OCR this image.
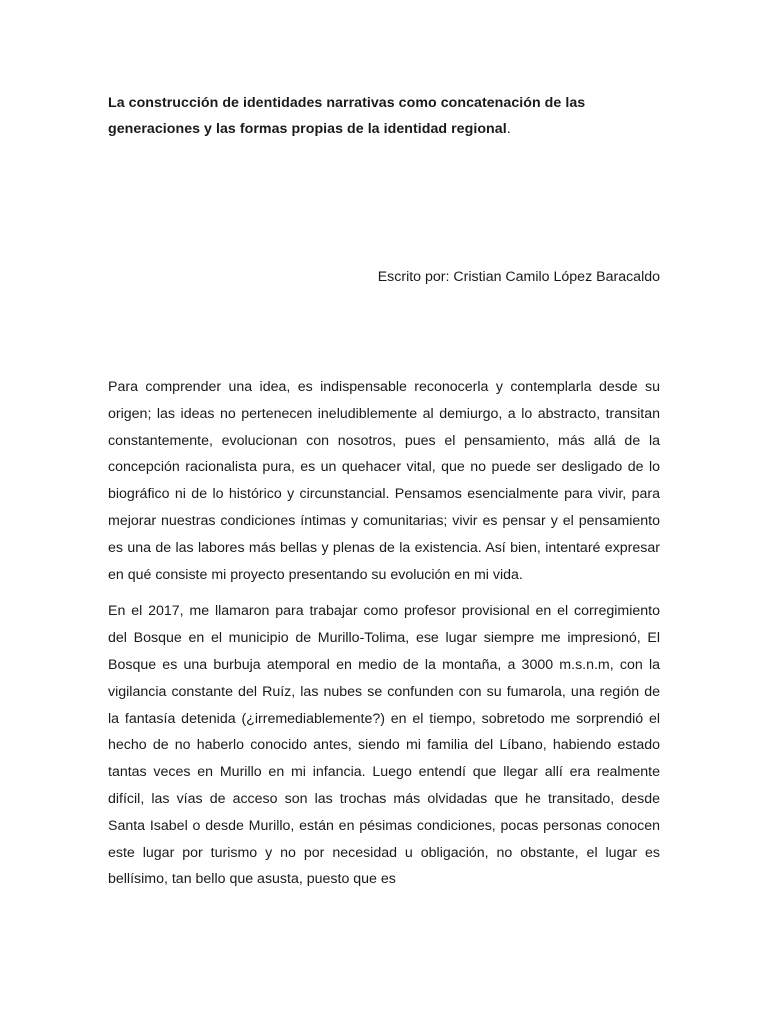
La construcción de identidades narrativas como concatenación de las generaciones y las formas propias de la identidad regional.
Escrito por: Cristian Camilo López Baracaldo

Para comprender una idea, es indispensable reconocerla y contemplarla desde su origen; las ideas no pertenecen ineludiblemente al demiurgo, a lo abstracto, transitan constantemente, evolucionan con nosotros, pues el pensamiento, más allá de la concepción racionalista pura, es un quehacer vital, que no puede ser desligado de lo biográfico ni de lo histórico y circunstancial. Pensamos esencialmente para vivir, para mejorar nuestras condiciones íntimas y comunitarias; vivir es pensar y el pensamiento es una de las labores más bellas y plenas de la existencia. Así bien, intentaré expresar en qué consiste mi proyecto presentando su evolución en mi vida.

En el 2017, me llamaron para trabajar como profesor provisional en el corregimiento del Bosque en el municipio de Murillo-Tolima, ese lugar siempre me impresionó, El Bosque es una burbuja atemporal en medio de la montaña, a 3000 m.s.n.m, con la vigilancia constante del Ruíz, las nubes se confunden con su fumarola, una región de la fantasía detenida (¿irremediablemente?) en el tiempo, sobretodo me sorprendió el hecho de no haberlo conocido antes, siendo mi familia del Líbano, habiendo estado tantas veces en Murillo en mi infancia. Luego entendí que llegar allí era realmente difícil, las vías de acceso son las trochas más olvidadas que he transitado, desde Santa Isabel o desde Murillo, están en pésimas condiciones, pocas personas conocen este lugar por turismo y no por necesidad u obligación, no obstante, el lugar es bellísimo, tan bello que asusta, puesto que es
